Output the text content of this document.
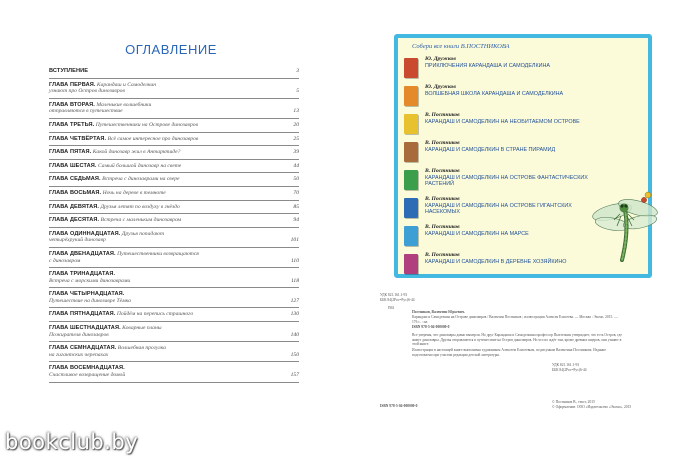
ОГЛАВЛЕНИЕ
ВСТУПЛЕНИЕ	3
ГЛАВА ПЕРВАЯ. Карандаш и Самоделкин
узнают про Остров динозавров	5
ГЛАВА ВТОРАЯ. Маленькие волшебники
отправляются в путешествие	13
ГЛАВА ТРЕТЬЯ. Путешественники на Острове динозавров	20
ГЛАВА ЧЕТВЁРТАЯ. Всё самое интересное про динозавров	25
ГЛАВА ПЯТАЯ. Какой динозавр жил в Антарктиде?	39
ГЛАВА ШЕСТАЯ. Самый большой динозавр на свете	44
ГЛАВА СЕДЬМАЯ. Встреча с динозаврами на озере	50
ГЛАВА ВОСЬМАЯ. Ночь на дереве в темноте	70
ГЛАВА ДЕВЯТАЯ. Друзья летят по воздуху в гнёздо	85
ГЛАВА ДЕСЯТАЯ. Встреча с маленьким динозавром	94
ГЛАВА ОДИННАДЦАТАЯ. Друзья попадают
четырёхрукий динозавр	101
ГЛАВА ДВЕНАДЦАТАЯ. Путешественники возвращаются
с динозавром	110
ГЛАВА ТРИНАДЦАТАЯ.
Встреча с морскими динозаврами	118
ГЛАВА ЧЕТЫРНАДЦАТАЯ.
Путешествие на динозавре Тёмка	127
ГЛАВА ПЯТНАДЦАТАЯ. Пойдём на перепись страшного	130
ГЛАВА ШЕСТНАДЦАТАЯ. Коварные планы
Пожирателя динозавров	140
ГЛАВА СЕМНАДЦАТАЯ. Волшебная прогулка
на гигантских черепахах	150
ГЛАВА ВОСЕМНАДЦАТАЯ.
Счастливое возвращение домой	157
Собери все книги В.ПОСТНИКОВА
Ю. Дружков
ПРИКЛЮЧЕНИЯ КАРАНДАША И САМОДЕЛКИНА
Ю. Дружков
ВОЛШЕБНАЯ ШКОЛА КАРАНДАША И САМОДЕЛКИНА
В. Постников
КАРАНДАШ И САМОДЕЛКИН НА НЕОБИТАЕМОМ ОСТРОВЕ
В. Постников
КАРАНДАШ И САМОДЕЛКИН В СТРАНЕ ПИРАМИД
В. Постников
КАРАНДАШ И САМОДЕЛКИН НА ОСТРОВЕ ФАНТАСТИЧЕСКИХ РАСТЕНИЙ
В. Постников
КАРАНДАШ И САМОДЕЛКИН НА ОСТРОВЕ ГИГАНТСКИХ НАСЕКОМЫХ
В. Постников
КАРАНДАШ И САМОДЕЛКИН НА МАРСЕ
В. Постников
КАРАНДАШ И САМОДЕЛКИН В ДЕРЕВНЕ ХОЗЯЙКИНО
УДК 821.161.1-93
ББК 84(2Рос=Рус)6-44
П63
Постников, Валентин Юрьевич.
Карандаш и Самоделкин на Острове динозавров / Валентин Постников ; иллюстрации Алексея Елисеева. — Москва : Эксмо, 2015. — 176 с. : ил.
ISBN 978-5-04-000000-0
Все уверены, что динозавры давно вымерли. Но друг Карандаша и Самоделкина профессор Пыхтелкин утверждает, что есть Остров, где живут динозавры. Друзья отправляются в путешествие на Остров динозавров. Но что их ждёт там, кроме древних ящеров, они узнают в этой книге.
Иллюстрации в настоящей книге выполнены художником Алексеем Елисеевым, по рисункам Валентина Постникова. Издание подготовлено при участии редакции детской литературы.
УДК 821.161.1-93
ББК 84(2Рос=Рус)6-44
ISBN 978-5-04-000000-0
© Постников В., текст, 2015
© Оформление. ООО «Издательство «Эксмо», 2015
bookclub.by
